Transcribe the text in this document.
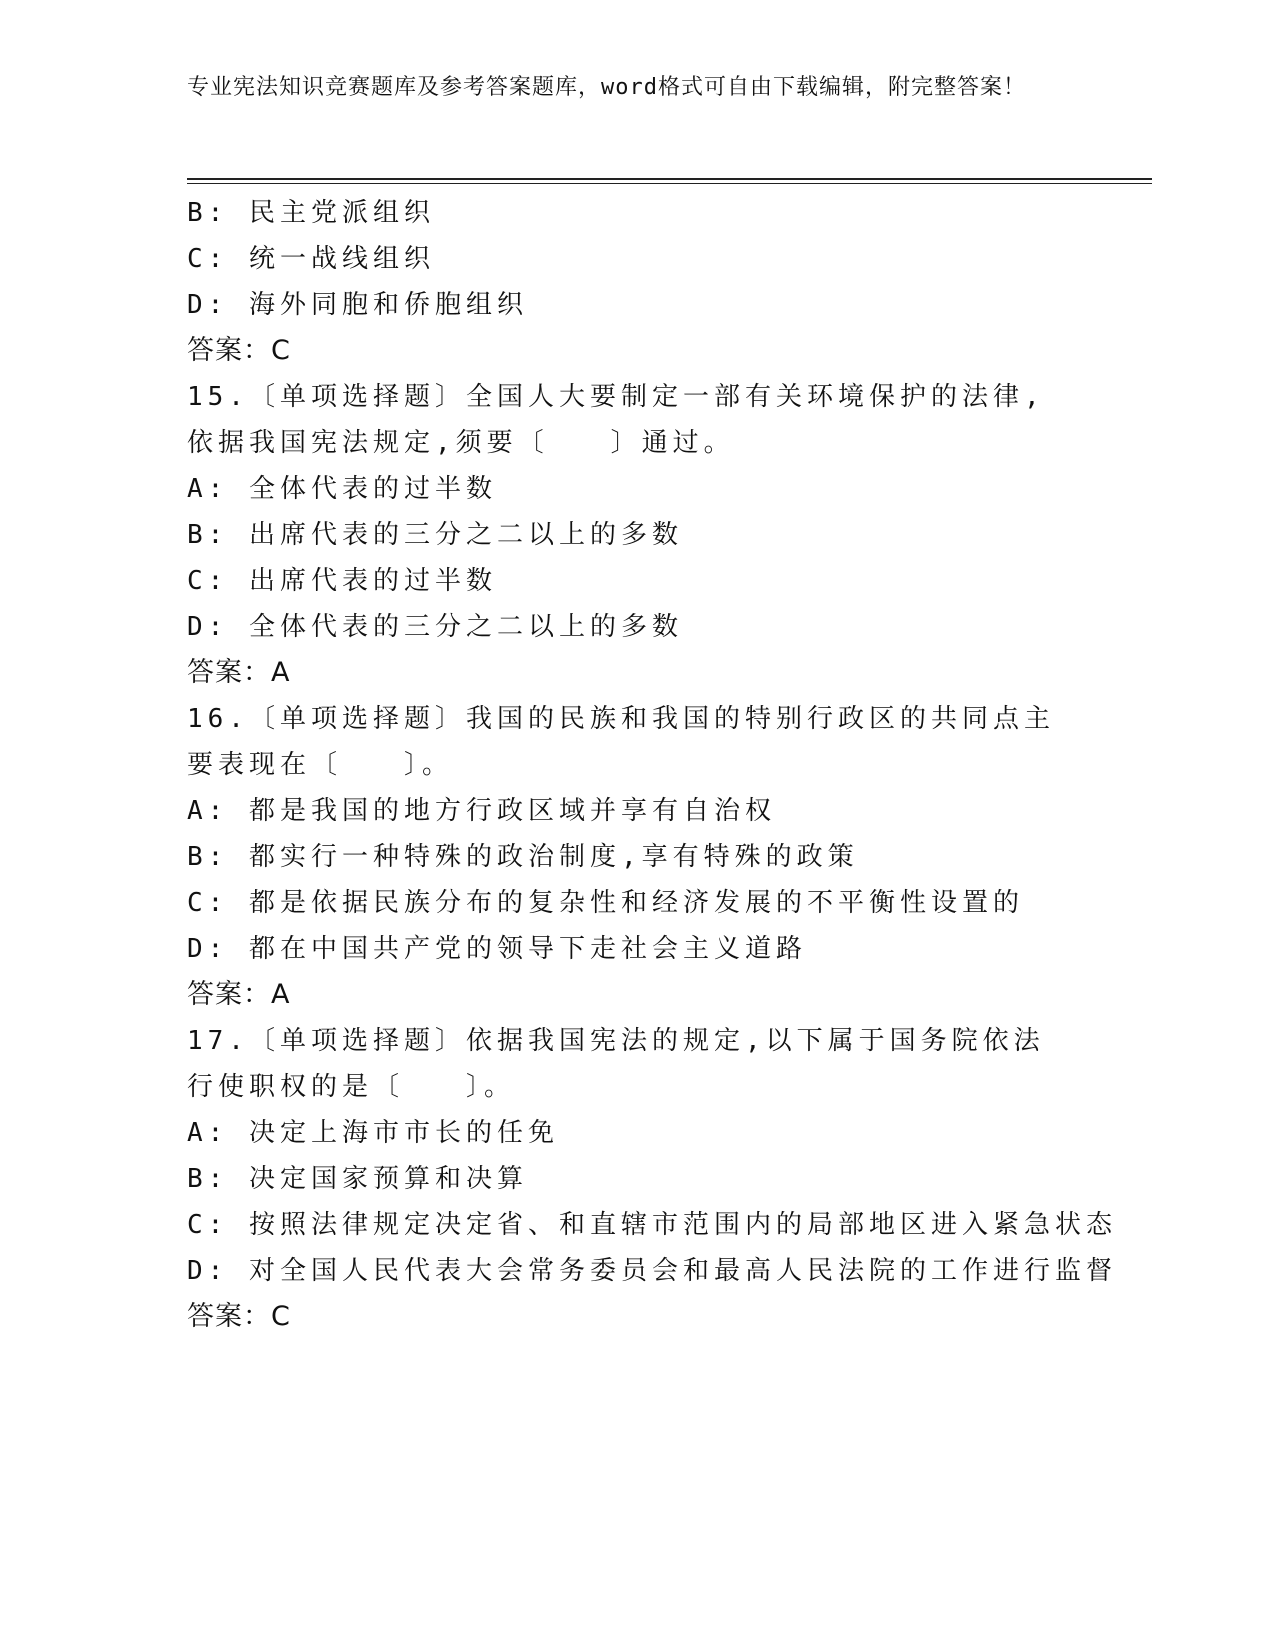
专业宪法知识竞赛题库及参考答案题库，word格式可自由下载编辑，附完整答案！
B: 民主党派组织
C: 统一战线组织
D: 海外同胞和侨胞组织
答案：C
15.〔单项选择题〕全国人大要制定一部有关环境保护的法律,依据我国宪法规定,须要〔　　〕通过。
A: 全体代表的过半数
B: 出席代表的三分之二以上的多数
C: 出席代表的过半数
D: 全体代表的三分之二以上的多数
答案：A
16.〔单项选择题〕我国的民族和我国的特别行政区的共同点主要表现在〔　　〕。
A: 都是我国的地方行政区域并享有自治权
B: 都实行一种特殊的政治制度,享有特殊的政策
C: 都是依据民族分布的复杂性和经济发展的不平衡性设置的
D: 都在中国共产党的领导下走社会主义道路
答案：A
17.〔单项选择题〕依据我国宪法的规定,以下属于国务院依法行使职权的是〔　　〕。
A: 决定上海市市长的任免
B: 决定国家预算和决算
C: 按照法律规定决定省、和直辖市范围内的局部地区进入紧急状态
D: 对全国人民代表大会常务委员会和最高人民法院的工作进行监督
答案：C
